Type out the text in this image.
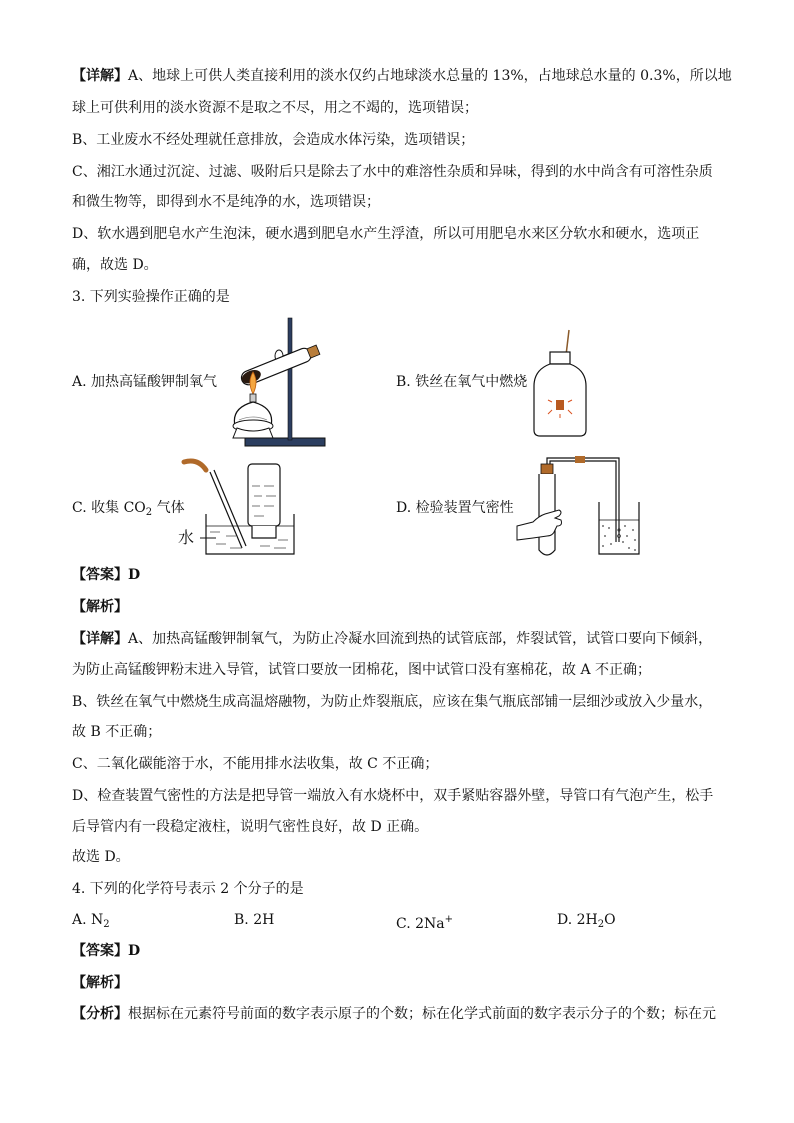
【详解】A、地球上可供人类直接利用的淡水仅约占地球淡水总量的 13%，占地球总水量的 0.3%，所以地
球上可供利用的淡水资源不是取之不尽，用之不竭的，选项错误；
B、工业废水不经处理就任意排放，会造成水体污染，选项错误；
C、湘江水通过沉淀、过滤、吸附后只是除去了水中的难溶性杂质和异味，得到的水中尚含有可溶性杂质
和微生物等，即得到水不是纯净的水，选项错误；
D、软水遇到肥皂水产生泡沫，硬水遇到肥皂水产生浮渣，所以可用肥皂水来区分软水和硬水，选项正
确，故选 D。
3. 下列实验操作正确的是
A. 加热高锰酸钾制氧气	B. 铁丝在氧气中燃烧
C. 收集 $CO_2$ 气体	D. 检验装置气密性
水
【答案】D
【解析】
【详解】A、加热高锰酸钾制氧气，为防止冷凝水回流到热的试管底部，炸裂试管，试管口要向下倾斜，
为防止高锰酸钾粉末进入导管，试管口要放一团棉花，图中试管口没有塞棉花，故 A 不正确；
B、铁丝在氧气中燃烧生成高温熔融物，为防止炸裂瓶底，应该在集气瓶底部铺一层细沙或放入少量水，
故 B 不正确；
C、二氧化碳能溶于水，不能用排水法收集，故 C 不正确；
D、检查装置气密性的方法是把导管一端放入有水烧杯中，双手紧贴容器外壁，导管口有气泡产生，松手
后导管内有一段稳定液柱，说明气密性良好，故 D 正确。
故选 D。
4. 下列的化学符号表示 2 个分子的是
A. $N_2$	B. 2H	C. 2Na+	D. $2H_2O$
【答案】D
【解析】
【分析】根据标在元素符号前面的数字表示原子的个数；标在化学式前面的数字表示分子的个数；标在元
